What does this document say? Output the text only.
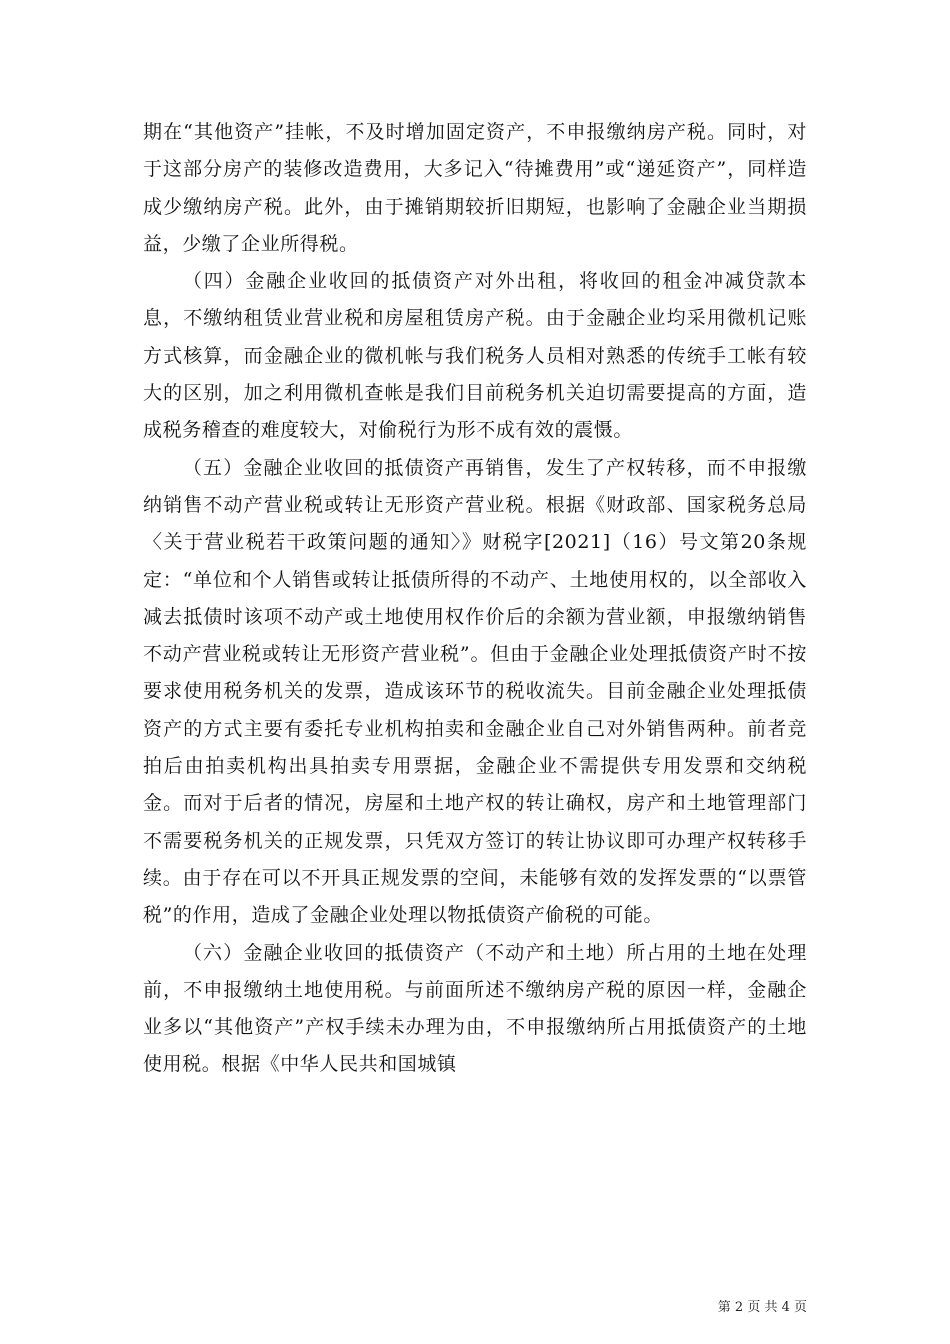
期在“其他资产”挂帐，不及时增加固定资产，不申报缴纳房产税。同时，对于这部分房产的装修改造费用，大多记入“待摊费用”或“递延资产”，同样造成少缴纳房产税。此外，由于摊销期较折旧期短，也影响了金融企业当期损益，少缴了企业所得税。

（四）金融企业收回的抵债资产对外出租，将收回的租金冲减贷款本息，不缴纳租赁业营业税和房屋租赁房产税。由于金融企业均采用微机记账方式核算，而金融企业的微机帐与我们税务人员相对熟悉的传统手工帐有较大的区别，加之利用微机查帐是我们目前税务机关迫切需要提高的方面，造成税务稽查的难度较大，对偷税行为形不成有效的震慑。

（五）金融企业收回的抵债资产再销售，发生了产权转移，而不申报缴纳销售不动产营业税或转让无形资产营业税。根据《财政部、国家税务总局〈关于营业税若干政策问题的通知〉》财税字[2021]（16）号文第20条规定：“单位和个人销售或转让抵债所得的不动产、土地使用权的，以全部收入减去抵债时该项不动产或土地使用权作价后的余额为营业额，申报缴纳销售不动产营业税或转让无形资产营业税”。但由于金融企业处理抵债资产时不按要求使用税务机关的发票，造成该环节的税收流失。目前金融企业处理抵债资产的方式主要有委托专业机构拍卖和金融企业自己对外销售两种。前者竞拍后由拍卖机构出具拍卖专用票据，金融企业不需提供专用发票和交纳税金。而对于后者的情况，房屋和土地产权的转让确权，房产和土地管理部门不需要税务机关的正规发票，只凭双方签订的转让协议即可办理产权转移手续。由于存在可以不开具正规发票的空间，未能够有效的发挥发票的“以票管税”的作用，造成了金融企业处理以物抵债资产偷税的可能。

（六）金融企业收回的抵债资产（不动产和土地）所占用的土地在处理前，不申报缴纳土地使用税。与前面所述不缴纳房产税的原因一样，金融企业多以“其他资产”产权手续未办理为由，不申报缴纳所占用抵债资产的土地使用税。根据《中华人民共和国城镇

第 2 页 共 4 页
